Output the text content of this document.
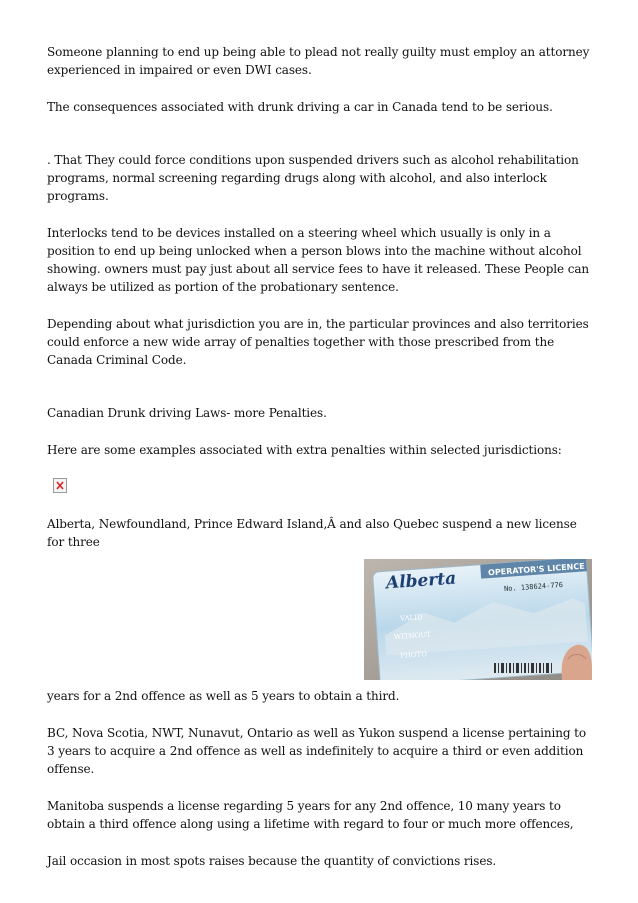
Someone planning to end up being able to plead not really guilty must employ an attorney experienced in impaired or even DWI cases.

The consequences associated with drunk driving a car in Canada tend to be serious.

. That They could force conditions upon suspended drivers such as alcohol rehabilitation programs, normal screening regarding drugs along with alcohol, and also interlock programs.

Interlocks tend to be devices installed on a steering wheel which usually is only in a position to end up being unlocked when a person blows into the machine without alcohol showing. owners must pay just about all service fees to have it released. These People can always be utilized as portion of the probationary sentence.

Depending about what jurisdiction you are in, the particular provinces and also territories could enforce a new wide array of penalties together with those prescribed from the Canada Criminal Code.

Canadian Drunk driving Laws- more Penalties.

Here are some examples associated with extra penalties within selected jurisdictions:

Alberta, Newfoundland, Prince Edward Island,Â and also Quebec suspend a new license for three

OPERATOR'S LICENCE
Alberta	No. 138624-776
VALID
WITHOUT
PHOTO

years for a 2nd offence as well as 5 years to obtain a third.

BC, Nova Scotia, NWT, Nunavut, Ontario as well as Yukon suspend a license pertaining to 3 years to acquire a 2nd offence as well as indefinitely to acquire a third or even addition offense.

Manitoba suspends a license regarding 5 years for any 2nd offence, 10 many years to obtain a third offence along using a lifetime with regard to four or much more offences,

Jail occasion in most spots raises because the quantity of convictions rises.
